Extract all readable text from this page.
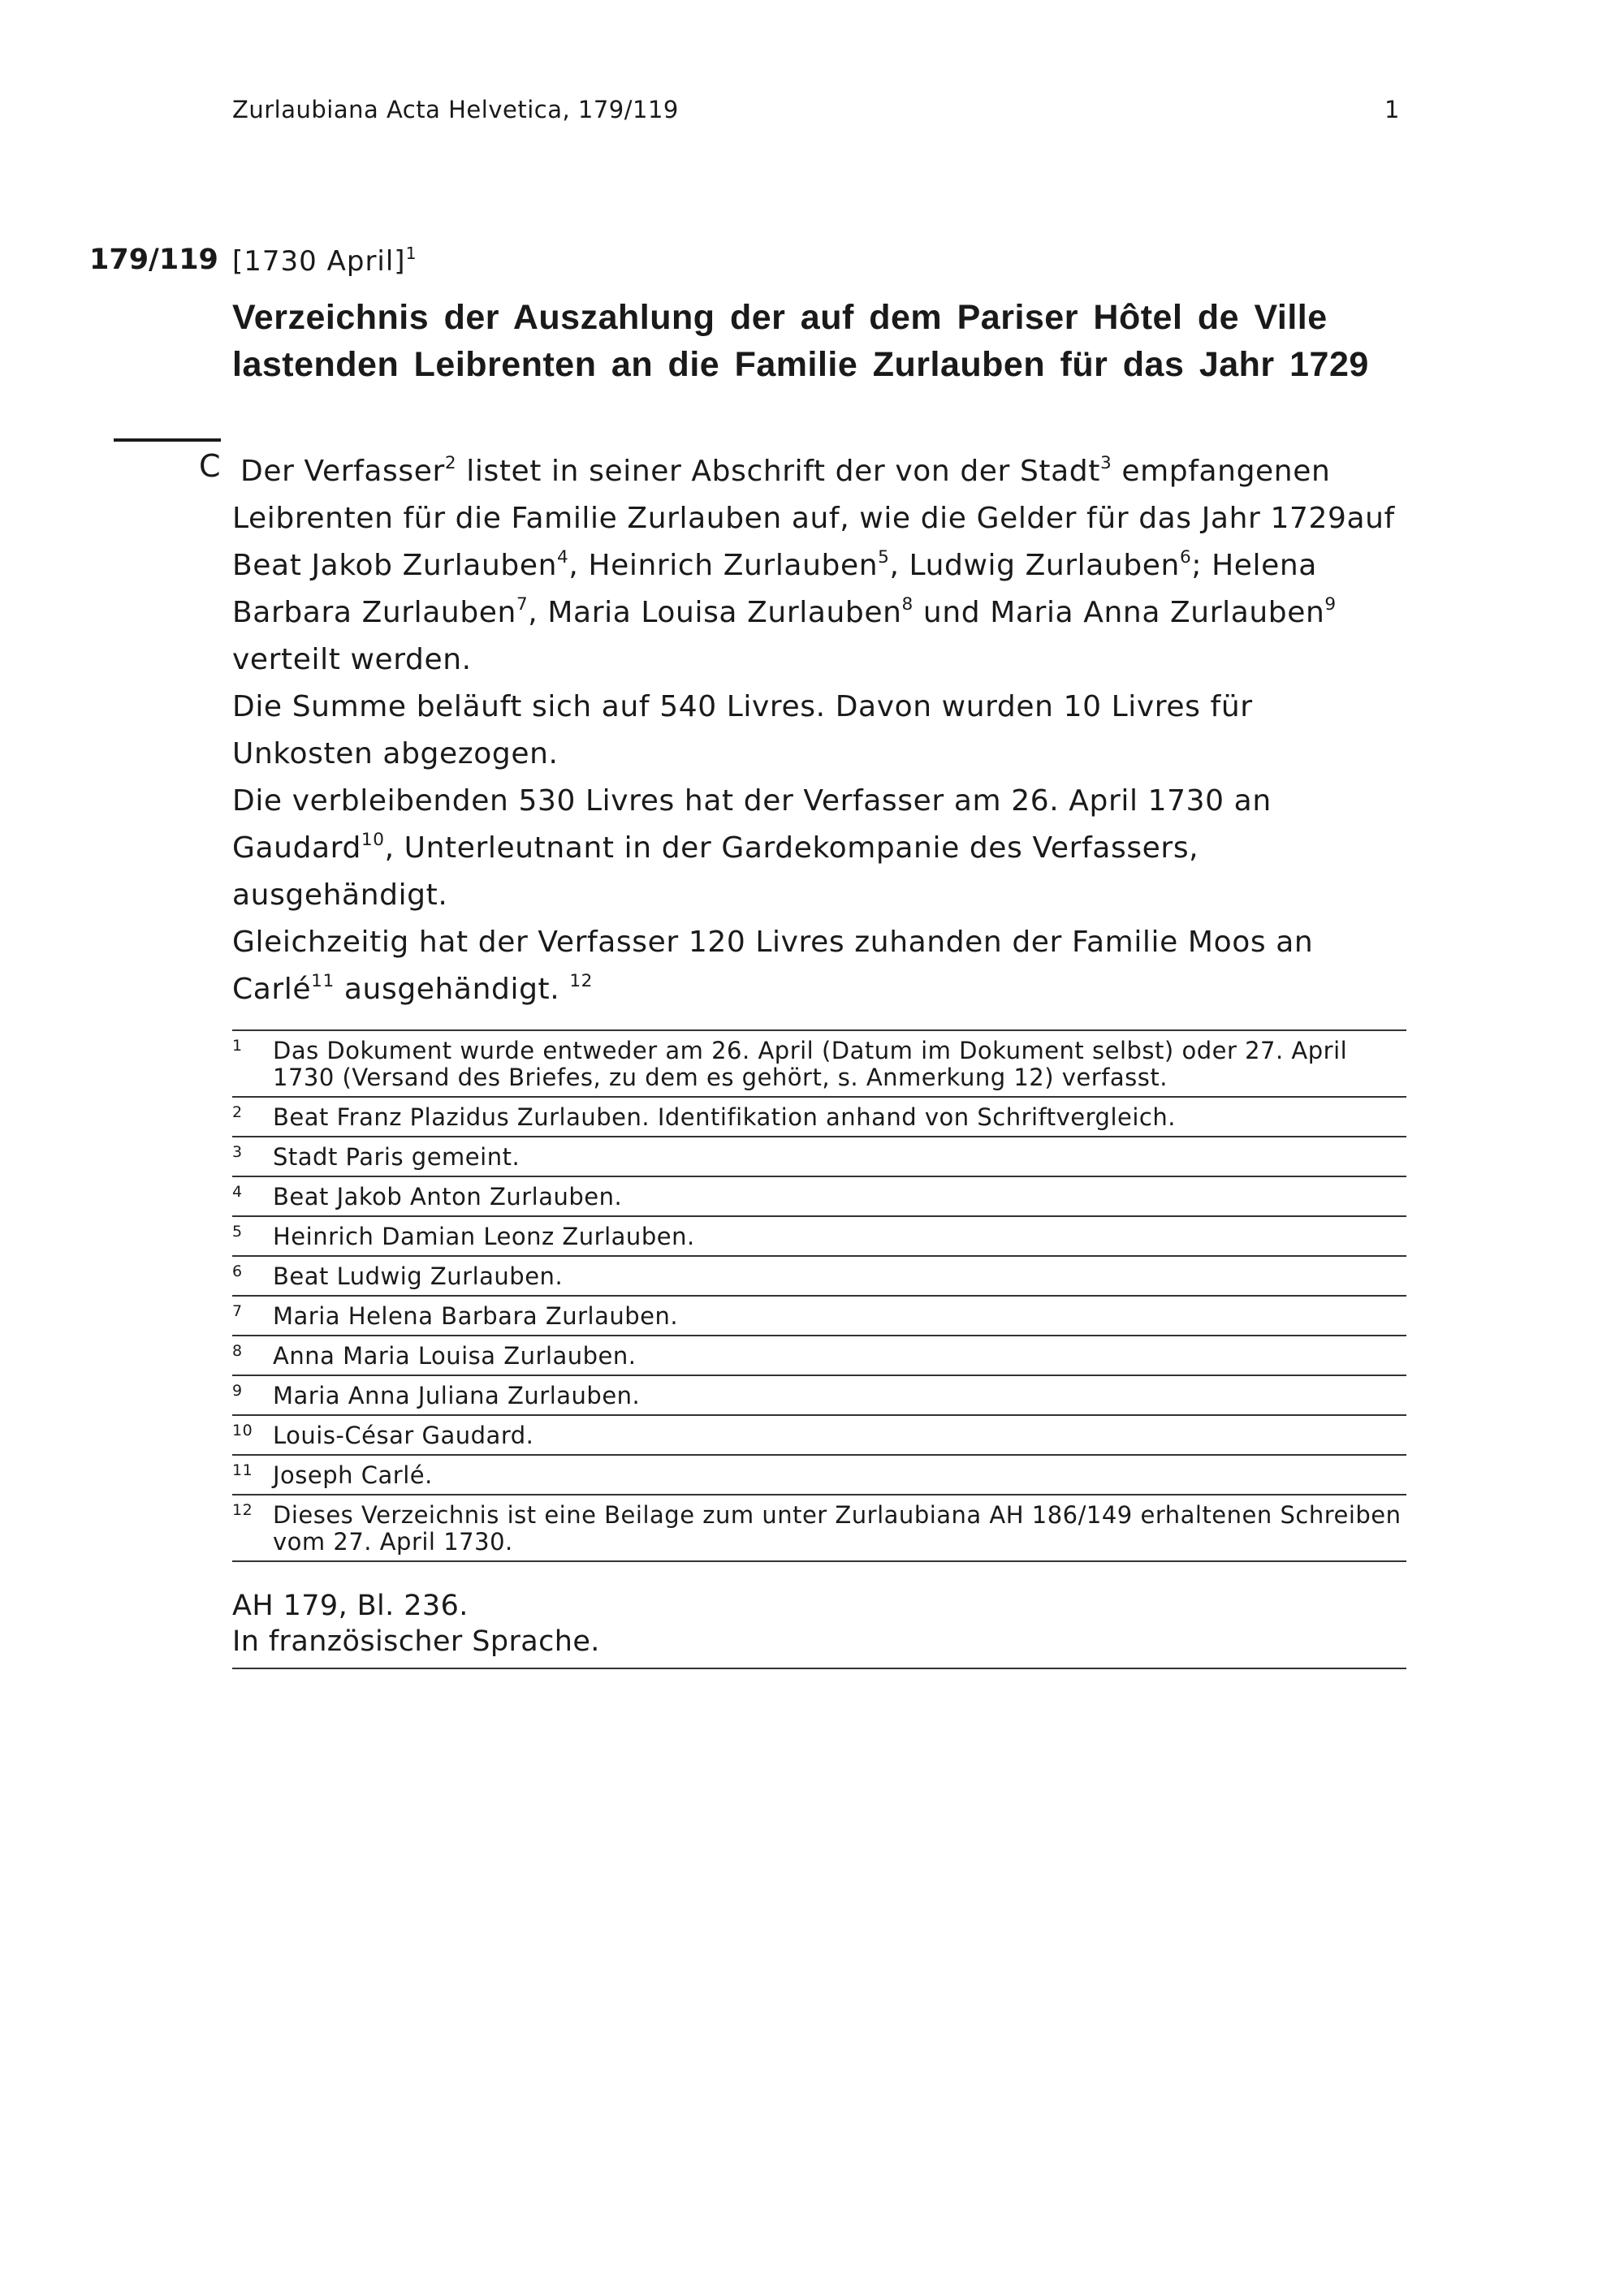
Zurlaubiana Acta Helvetica, 179/119	1
179/119 [1730 April]$^1$
Verzeichnis der Auszahlung der auf dem Pariser Hôtel de Ville
lastenden Leibrenten an die Familie Zurlauben für das Jahr 1729
C Der Verfasser$^2$ listet in seiner Abschrift der von der Stadt$^3$ empfangenen Leibrenten für die Familie Zurlauben auf, wie die Gelder für das Jahr 1729auf Beat Jakob Zurlauben$^4$, Heinrich Zurlauben$^5$, Ludwig Zurlauben$^6$; Helena Barbara Zurlauben$^7$, Maria Louisa Zurlauben$^8$ und Maria Anna Zurlauben$^9$ verteilt werden.

Die Summe beläuft sich auf 540 Livres. Davon wurden 10 Livres für Unkosten abgezogen.

Die verbleibenden 530 Livres hat der Verfasser am 26. April 1730 an Gaudard$^{10}$, Unterleutnant in der Gardekompanie des Verfassers, ausgehändigt.

Gleichzeitig hat der Verfasser 120 Livres zuhanden der Familie Moos an Carlé$^{11}$ ausgehändigt. $^{12}$

1	Das Dokument wurde entweder am 26. April (Datum im Dokument selbst) oder 27. April 1730 (Versand des Briefes, zu dem es gehört, s. Anmerkung 12) verfasst.
2	Beat Franz Plazidus Zurlauben. Identifikation anhand von Schriftvergleich.
3	Stadt Paris gemeint.
4	Beat Jakob Anton Zurlauben.
5	Heinrich Damian Leonz Zurlauben.
6	Beat Ludwig Zurlauben.
7	Maria Helena Barbara Zurlauben.
8	Anna Maria Louisa Zurlauben.
9	Maria Anna Juliana Zurlauben.
10 Louis-César Gaudard.
11 Joseph Carlé.
12 Dieses Verzeichnis ist eine Beilage zum unter Zurlaubiana AH 186/149 erhaltenen Schreiben vom 27. April 1730.
AH 179, Bl. 236.
In französischer Sprache.
